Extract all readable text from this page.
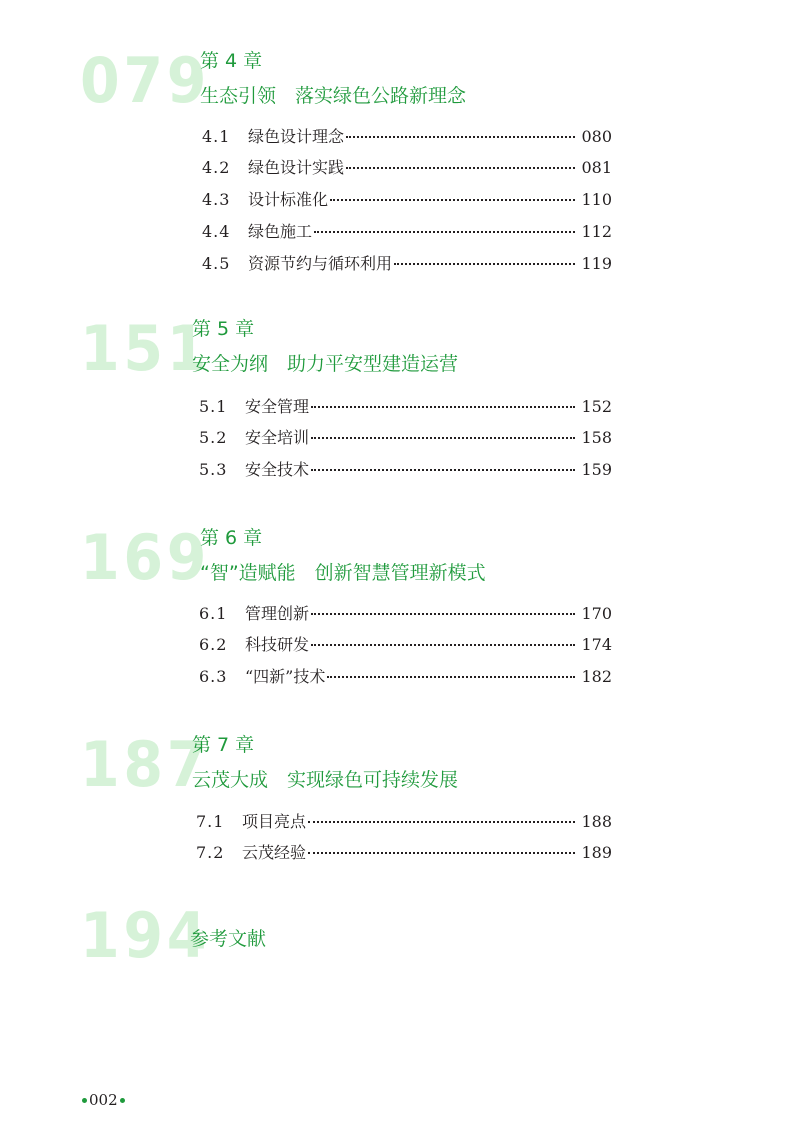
079
第 4 章
生态引领　落实绿色公路新理念
4.1	绿色设计理念	080
4.2	绿色设计实践	081
4.3	设计标准化	110
4.4	绿色施工	112
4.5	资源节约与循环利用	119
151
第 5 章
安全为纲　助力平安型建造运营
5.1	安全管理	152
5.2	安全培训	158
5.3	安全技术	159
169
第 6 章
“智”造赋能　创新智慧管理新模式
6.1	管理创新	170
6.2	科技研发	174
6.3	“四新”技术	182
187
第 7 章
云茂大成　实现绿色可持续发展
7.1	项目亮点	188
7.2	云茂经验	189
194
参考文献
002
